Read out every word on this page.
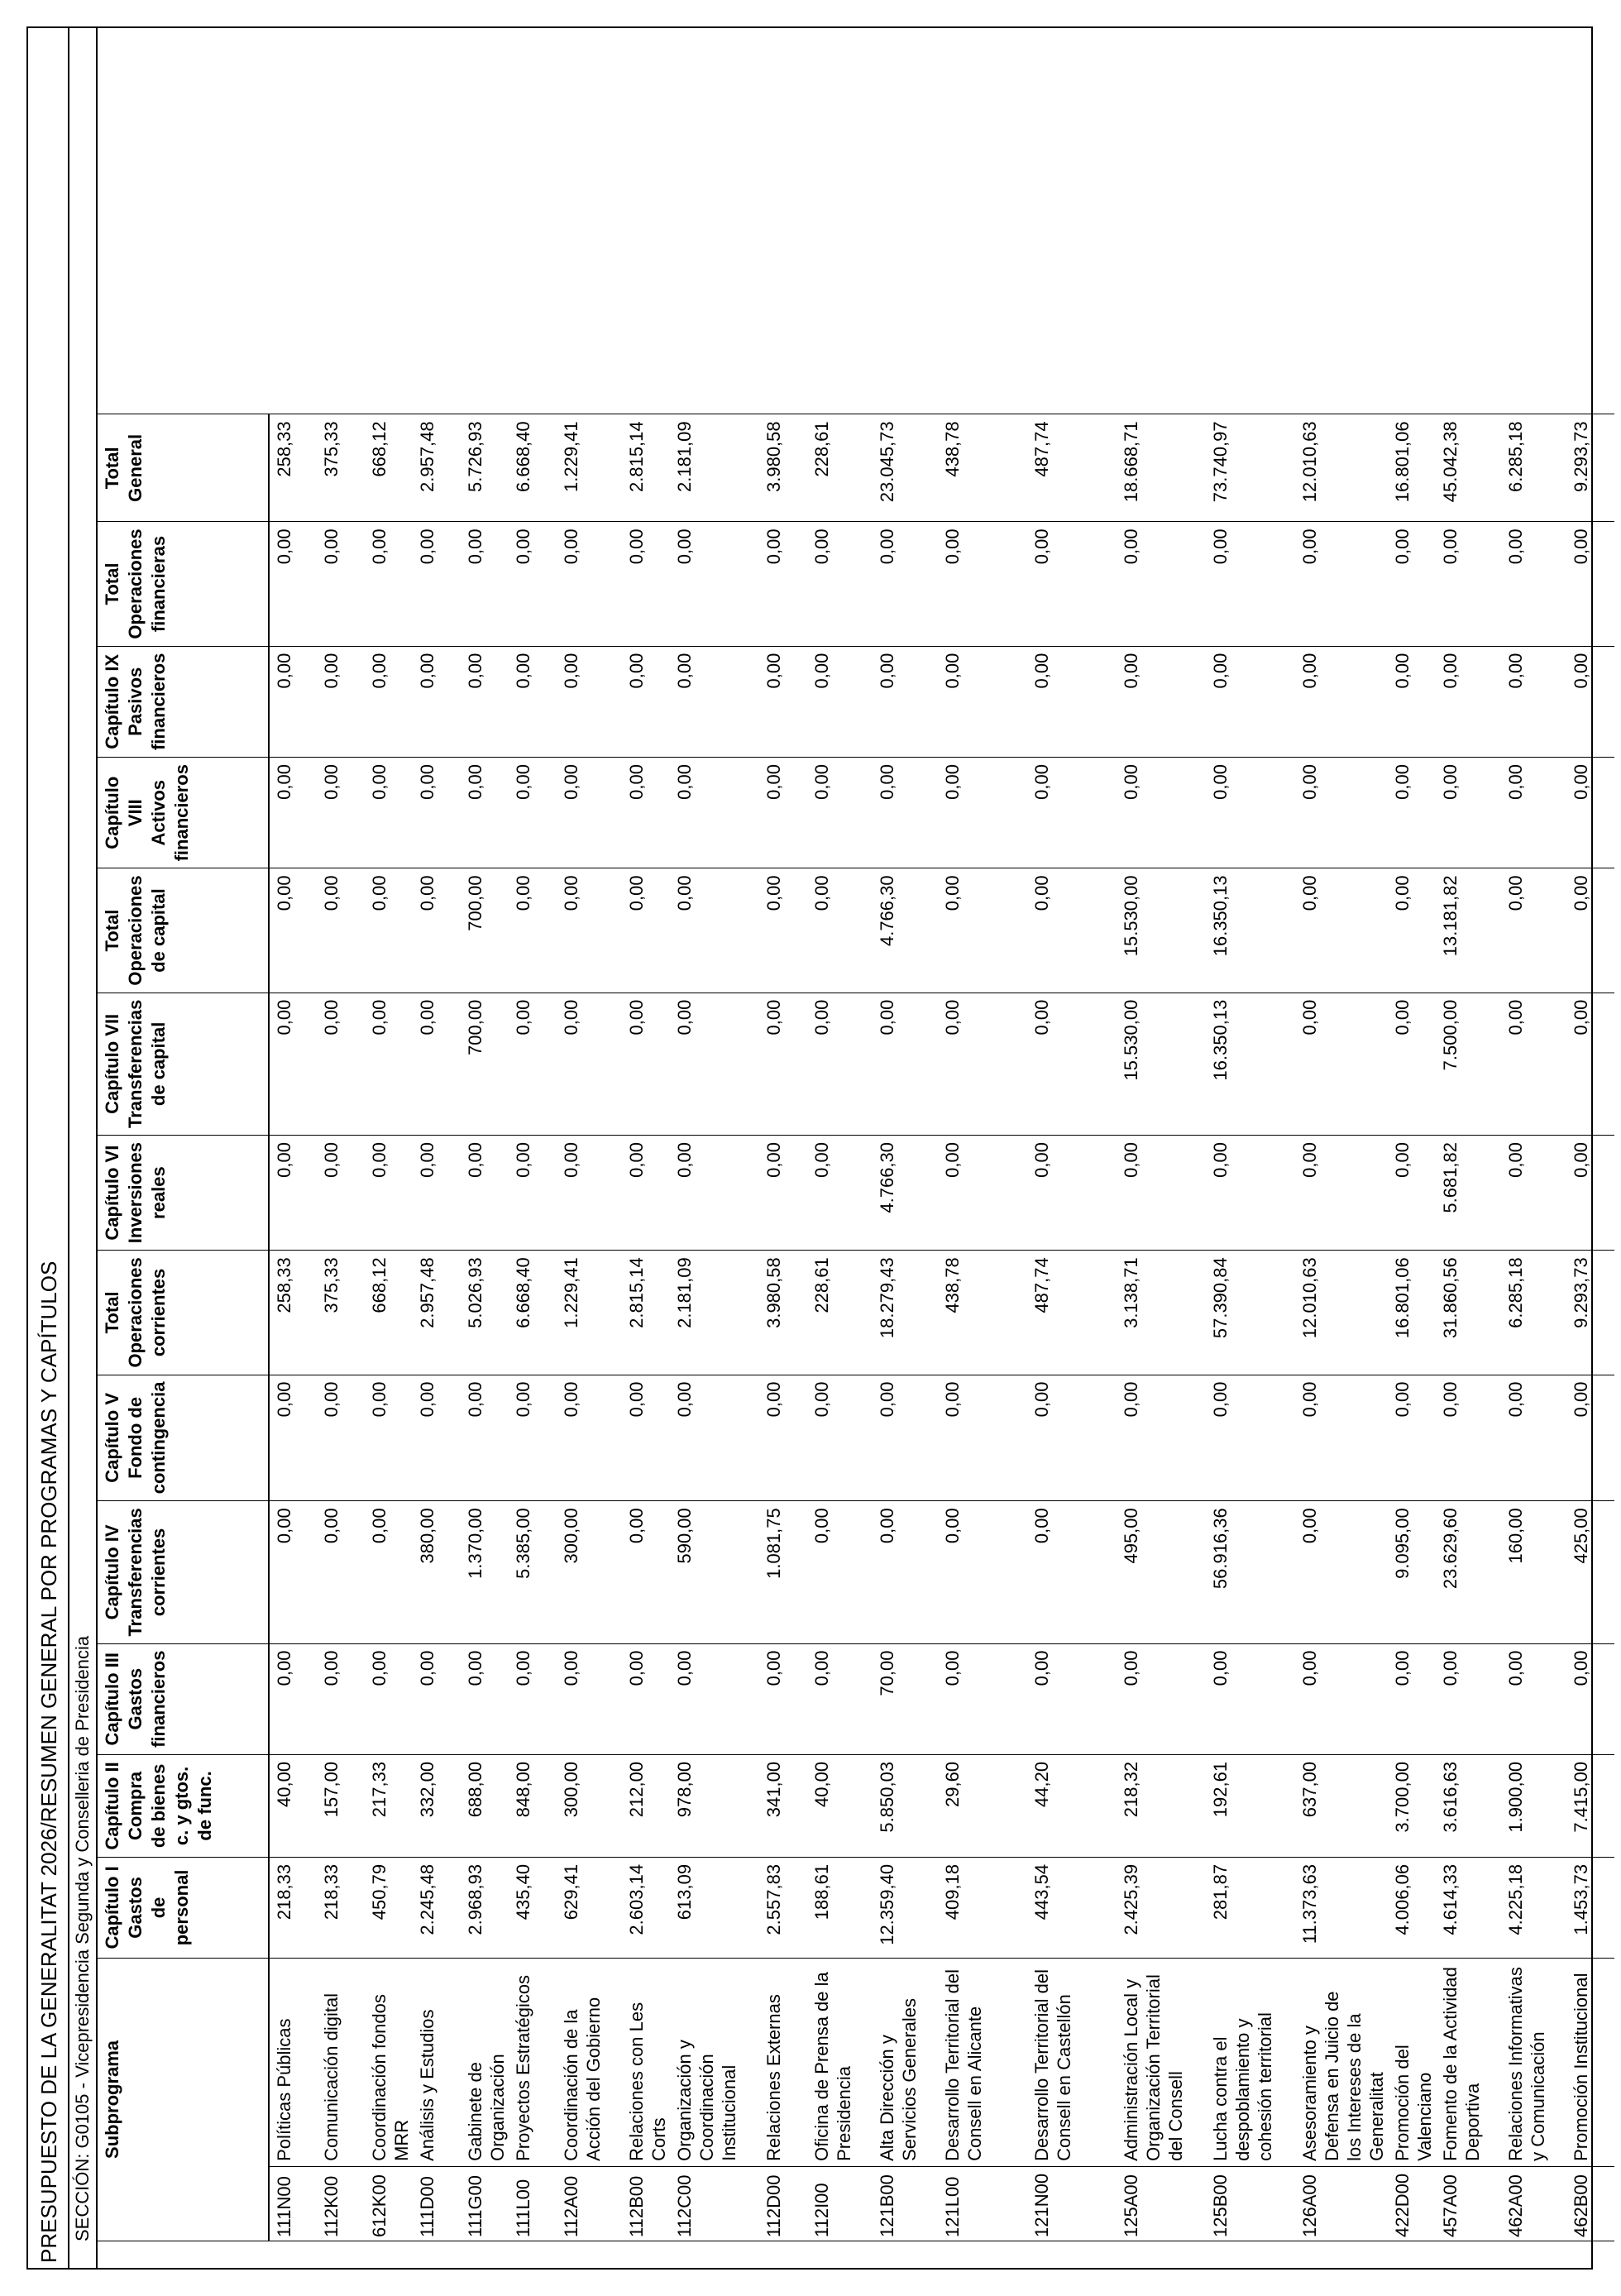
PRESUPUESTO DE LA GENERALITAT 2026/RESUMEN GENERAL POR PROGRAMAS Y CAPÍTULOS SECCIÓN: G0105 - Vicepresidencia Segunda y Conselleria de Presidencia Subprograma		Capítulo I Gastos de personal	Capítulo II Compra de bienes c. y gtos. de func.	Capítulo III Gastos financieros	Capítulo IV Transferencias corrientes	Capítulo V Fondo de contingencia	Total Operaciones corrientes	Capítulo VI Inversiones reales	Capítulo VII Transferencias de capital	Total Operaciones de capital	Capítulo VIII Activos financieros	Capítulo IX Pasivos financieros	Total Operaciones financieras	Total General
111N00	Políticas Públicas	218,33	40,00	0,00	0,00	0,00	258,33	0,00	0,00	0,00	0,00	0,00	0,00	258,33
112K00	Comunicación digital	218,33	157,00	0,00	0,00	0,00	375,33	0,00	0,00	0,00	0,00	0,00	0,00	375,33
612K00	Coordinación fondos MRR	450,79	217,33	0,00	0,00	0,00	668,12	0,00	0,00	0,00	0,00	0,00	0,00	668,12
111D00	Análisis y Estudios	2.245,48	332,00	0,00	380,00	0,00	2.957,48	0,00	0,00	0,00	0,00	0,00	0,00	2.957,48
111G00	Gabinete de Organización	2.968,93	688,00	0,00	1.370,00	0,00	5.026,93	0,00	700,00	700,00	0,00	0,00	0,00	5.726,93
111L00	Proyectos Estratégicos	435,40	848,00	0,00	5.385,00	0,00	6.668,40	0,00	0,00	0,00	0,00	0,00	0,00	6.668,40
112A00	Coordinación de la Acción del Gobierno	629,41	300,00	0,00	300,00	0,00	1.229,41	0,00	0,00	0,00	0,00	0,00	0,00	1.229,41
112B00	Relaciones con Les Corts	2.603,14	212,00	0,00	0,00	0,00	2.815,14	0,00	0,00	0,00	0,00	0,00	0,00	2.815,14
112C00	Organización y Coordinación Institucional	613,09	978,00	0,00	590,00	0,00	2.181,09	0,00	0,00	0,00	0,00	0,00	0,00	2.181,09
112D00	Relaciones Externas	2.557,83	341,00	0,00	1.081,75	0,00	3.980,58	0,00	0,00	0,00	0,00	0,00	0,00	3.980,58
112I00	Oficina de Prensa de la Presidencia	188,61	40,00	0,00	0,00	0,00	228,61	0,00	0,00	0,00	0,00	0,00	0,00	228,61
121B00	Alta Dirección y Servicios Generales	12.359,40	5.850,03	70,00	0,00	0,00	18.279,43	4.766,30	0,00	4.766,30	0,00	0,00	0,00	23.045,73
121L00	Desarrollo Territorial del Consell en Alicante	409,18	29,60	0,00	0,00	0,00	438,78	0,00	0,00	0,00	0,00	0,00	0,00	438,78
121N00	Desarrollo Territorial del Consell en Castellón	443,54	44,20	0,00	0,00	0,00	487,74	0,00	0,00	0,00	0,00	0,00	0,00	487,74
125A00	Administración Local y Organización Territorial del Consell	2.425,39	218,32	0,00	495,00	0,00	3.138,71	0,00	15.530,00	15.530,00	0,00	0,00	0,00	18.668,71
125B00	Lucha contra el despoblamiento y cohesión territorial	281,87	192,61	0,00	56.916,36	0,00	57.390,84	0,00	16.350,13	16.350,13	0,00	0,00	0,00	73.740,97
126A00	Asesoramiento y Defensa en Juicio de los Intereses de la Generalitat	11.373,63	637,00	0,00	0,00	0,00	12.010,63	0,00	0,00	0,00	0,00	0,00	0,00	12.010,63
422D00	Promoción del Valenciano	4.006,06	3.700,00	0,00	9.095,00	0,00	16.801,06	0,00	0,00	0,00	0,00	0,00	0,00	16.801,06
457A00	Fomento de la Actividad Deportiva	4.614,33	3.616,63	0,00	23.629,60	0,00	31.860,56	5.681,82	7.500,00	13.181,82	0,00	0,00	0,00	45.042,38
462A00	Relaciones Informativas y Comunicación	4.225,18	1.900,00	0,00	160,00	0,00	6.285,18	0,00	0,00	0,00	0,00	0,00	0,00	6.285,18
462B00	Promoción Institucional	1.453,73	7.415,00	0,00	425,00	0,00	9.293,73	0,00	0,00	0,00	0,00	0,00	0,00	9.293,73
